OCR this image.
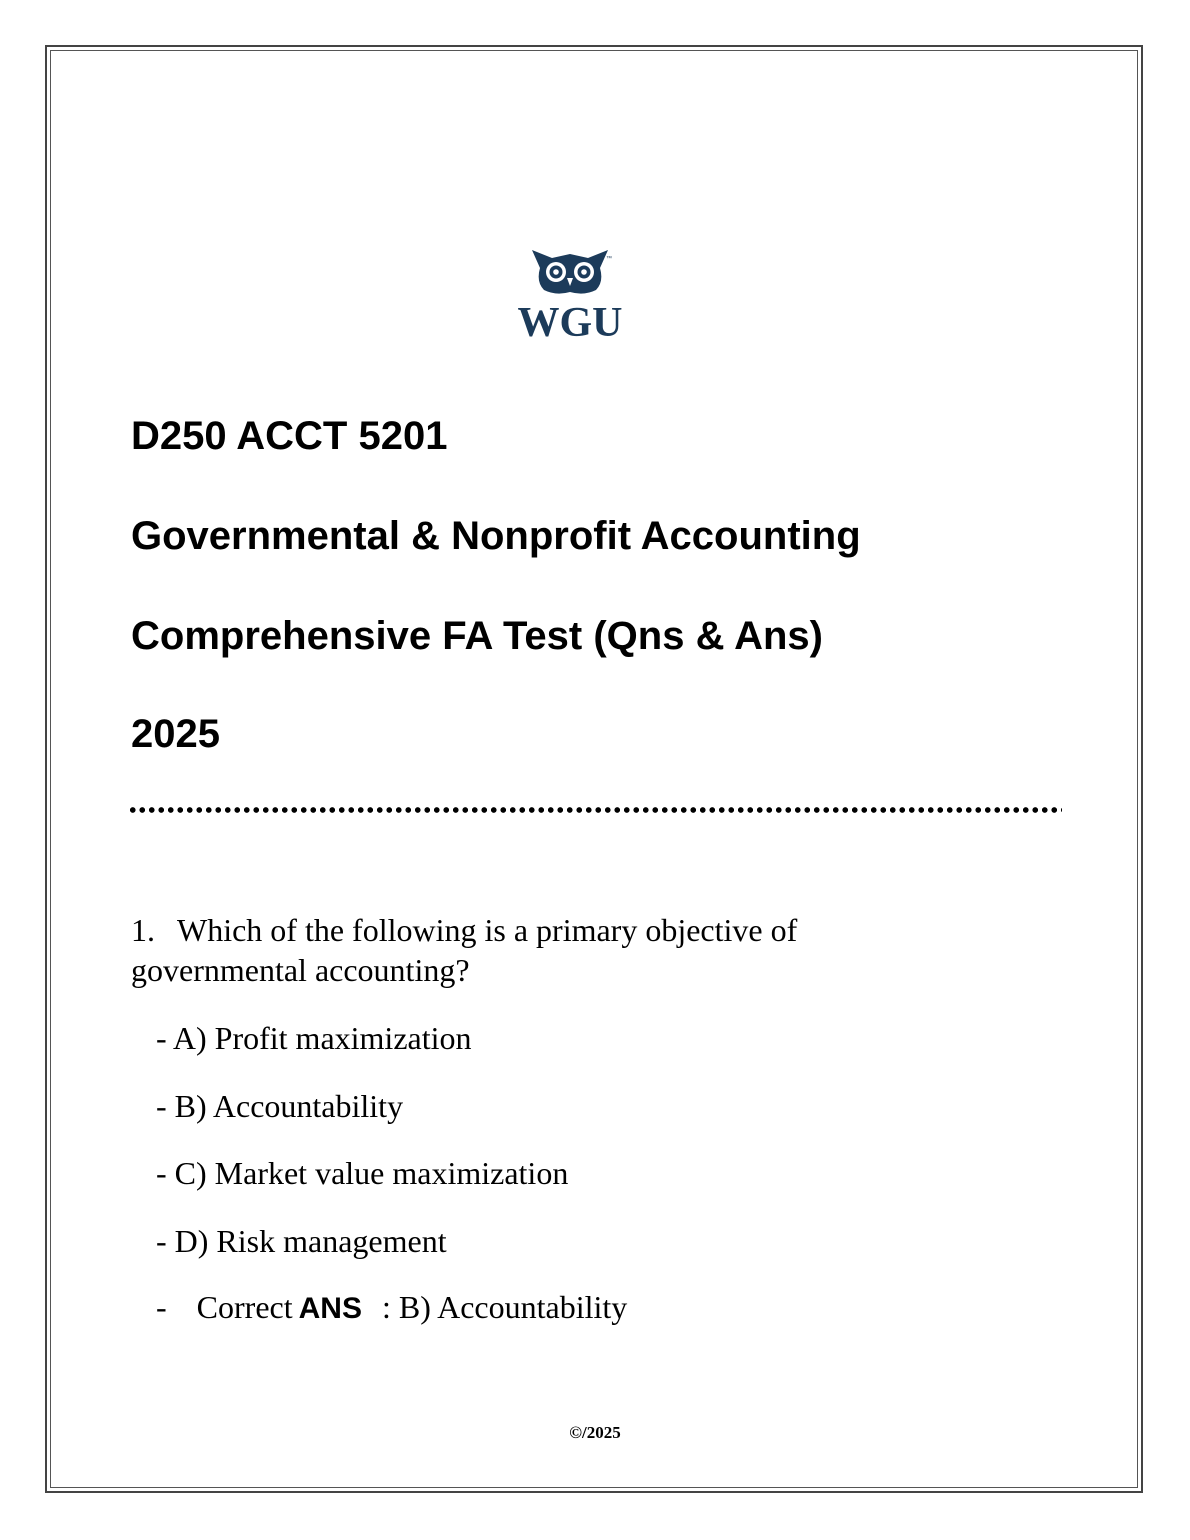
™
WGU
D250 ACCT 5201
Governmental & Nonprofit Accounting
Comprehensive FA Test (Qns & Ans)
2025
1. Which of the following is a primary objective of governmental accounting?
- A) Profit maximization
- B) Accountability
- C) Market value maximization
- D) Risk management
- Correct ANS : B) Accountability
©/2025
